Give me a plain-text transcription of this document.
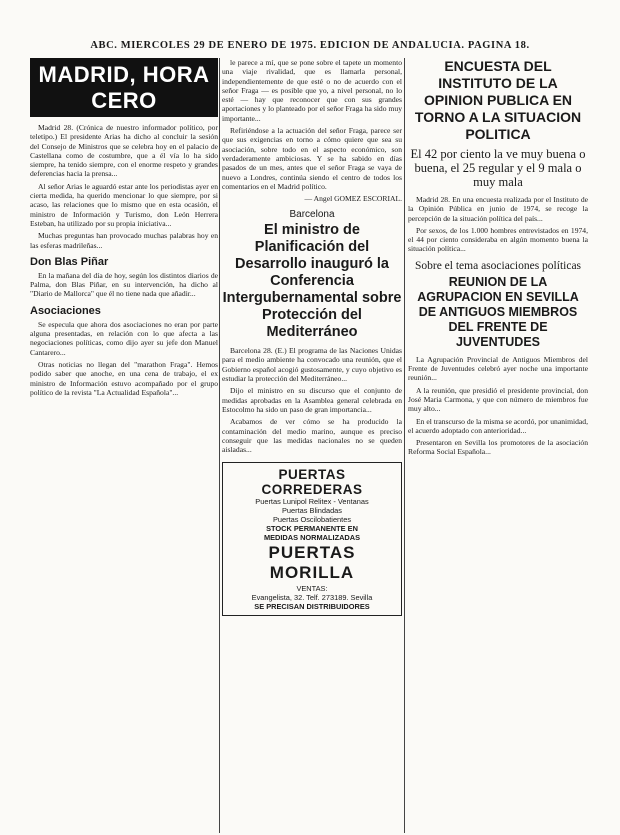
ABC. MIERCOLES 29 DE ENERO DE 1975. EDICION DE ANDALUCIA. PAGINA 18.
MADRID, HORA CERO

Madrid 28. (Crónica de nuestro informador político, por teletipo.) El presidente Arias ha dicho al concluir la sesión del Consejo de Ministros que se celebra hoy en el palacio de Castellana como de costumbre, que a él vía lo ha sido siempre, ha tenido siempre, con el enorme respeto y grandes deferencias hacia la prensa...

Al señor Arias le aguardó estar ante los periodistas ayer en cierta medida, ha querido mencionar lo que siempre, por si acaso, las relaciones que lo mismo que en esta ocasión, el ministro de Información y Turismo, don León Herrera Esteban, ha utilizado por su propia iniciativa...

Muchas preguntas han provocado muchas palabras hoy en las esferas madrileñas...

Don Blas Piñar

En la mañana del día de hoy, según los distintos diarios de Palma, don Blas Piñar, en su intervención, ha dicho al "Diario de Mallorca" que él no tiene nada que añadir...

Asociaciones

Se especula que ahora dos asociaciones no eran por parte alguna presentadas, en relación con lo que afecta a las negociaciones políticas, como dijo ayer su jefe don Manuel Cantarero...

Otras noticias no llegan del "marathon Fraga". Hemos podido saber que anoche, en una cena de trabajo, el ex ministro de Información estuvo acompañado por el grupo político de la revista "La Actualidad Española"...

le parece a mí, que se pone sobre el tapete un momento una viaje rivalidad, que es llamarla personal, independientemente de que esté o no de acuerdo con el señor Fraga — es posible que yo, a nivel personal, no lo esté — hay que reconocer que con sus grandes aportaciones y lo planteado por el señor Fraga ha sido muy importante...

Refiriéndose a la actuación del señor Fraga, parece ser que sus exigencias en torno a cómo quiere que sea su asociación, sobre todo en el aspecto económico, son verdaderamente ambiciosas. Y se ha sabido en días pasados de un mes, antes que el señor Fraga se vaya de nuevo a Londres, continúa siendo el centro de todos los comentarios en el Madrid político.

— Angel GOMEZ ESCORIAL.
Barcelona
El ministro de Planificación del Desarrollo inauguró la Conferencia Intergubernamental sobre Protección del Mediterráneo

Barcelona 28. (E.) El programa de las Naciones Unidas para el medio ambiente ha convocado una reunión, que el Gobierno español acogió gustosamente, y cuyo objetivo es estudiar la protección del Mediterráneo...

Dijo el ministro en su discurso que el conjunto de medidas aprobadas en la Asamblea general celebrada en Estocolmo ha sido un paso de gran importancia...

Acabamos de ver cómo se ha producido la contaminación del medio marino, aunque es preciso conseguir que las medidas nacionales no se queden aisladas...

PUERTAS CORREDERAS
Puertas Lunipol Relitex - Ventanas
Puertas Blindadas
Puertas Oscilobatientes
STOCK PERMANENTE EN
MEDIDAS NORMALIZADAS
PUERTAS MORILLA
VENTAS:
Evangelista, 32. Telf. 273189. Sevilla
SE PRECISAN DISTRIBUIDORES
ENCUESTA DEL INSTITUTO DE LA OPINION PUBLICA EN TORNO A LA SITUACION POLITICA
El 42 por ciento la ve muy buena o buena, el 25 regular y el 9 mala o muy mala

Madrid 28. En una encuesta realizada por el Instituto de la Opinión Pública en junio de 1974, se recoge la percepción de la situación política del país...

Por sexos, de los 1.000 hombres entrevistados en 1974, el 44 por ciento consideraba en algún momento buena la situación política...

Sobre el tema asociaciones políticas
REUNION DE LA AGRUPACION EN SEVILLA DE ANTIGUOS MIEMBROS DEL FRENTE DE JUVENTUDES

La Agrupación Provincial de Antiguos Miembros del Frente de Juventudes celebró ayer noche una importante reunión...

A la reunión, que presidió el presidente provincial, don José Maria Carmona, y que con número de miembros fue muy alto...

En el transcurso de la misma se acordó, por unanimidad, el acuerdo adoptado con anterioridad...

Presentaron en Sevilla los promotores de la asociación Reforma Social Española...
